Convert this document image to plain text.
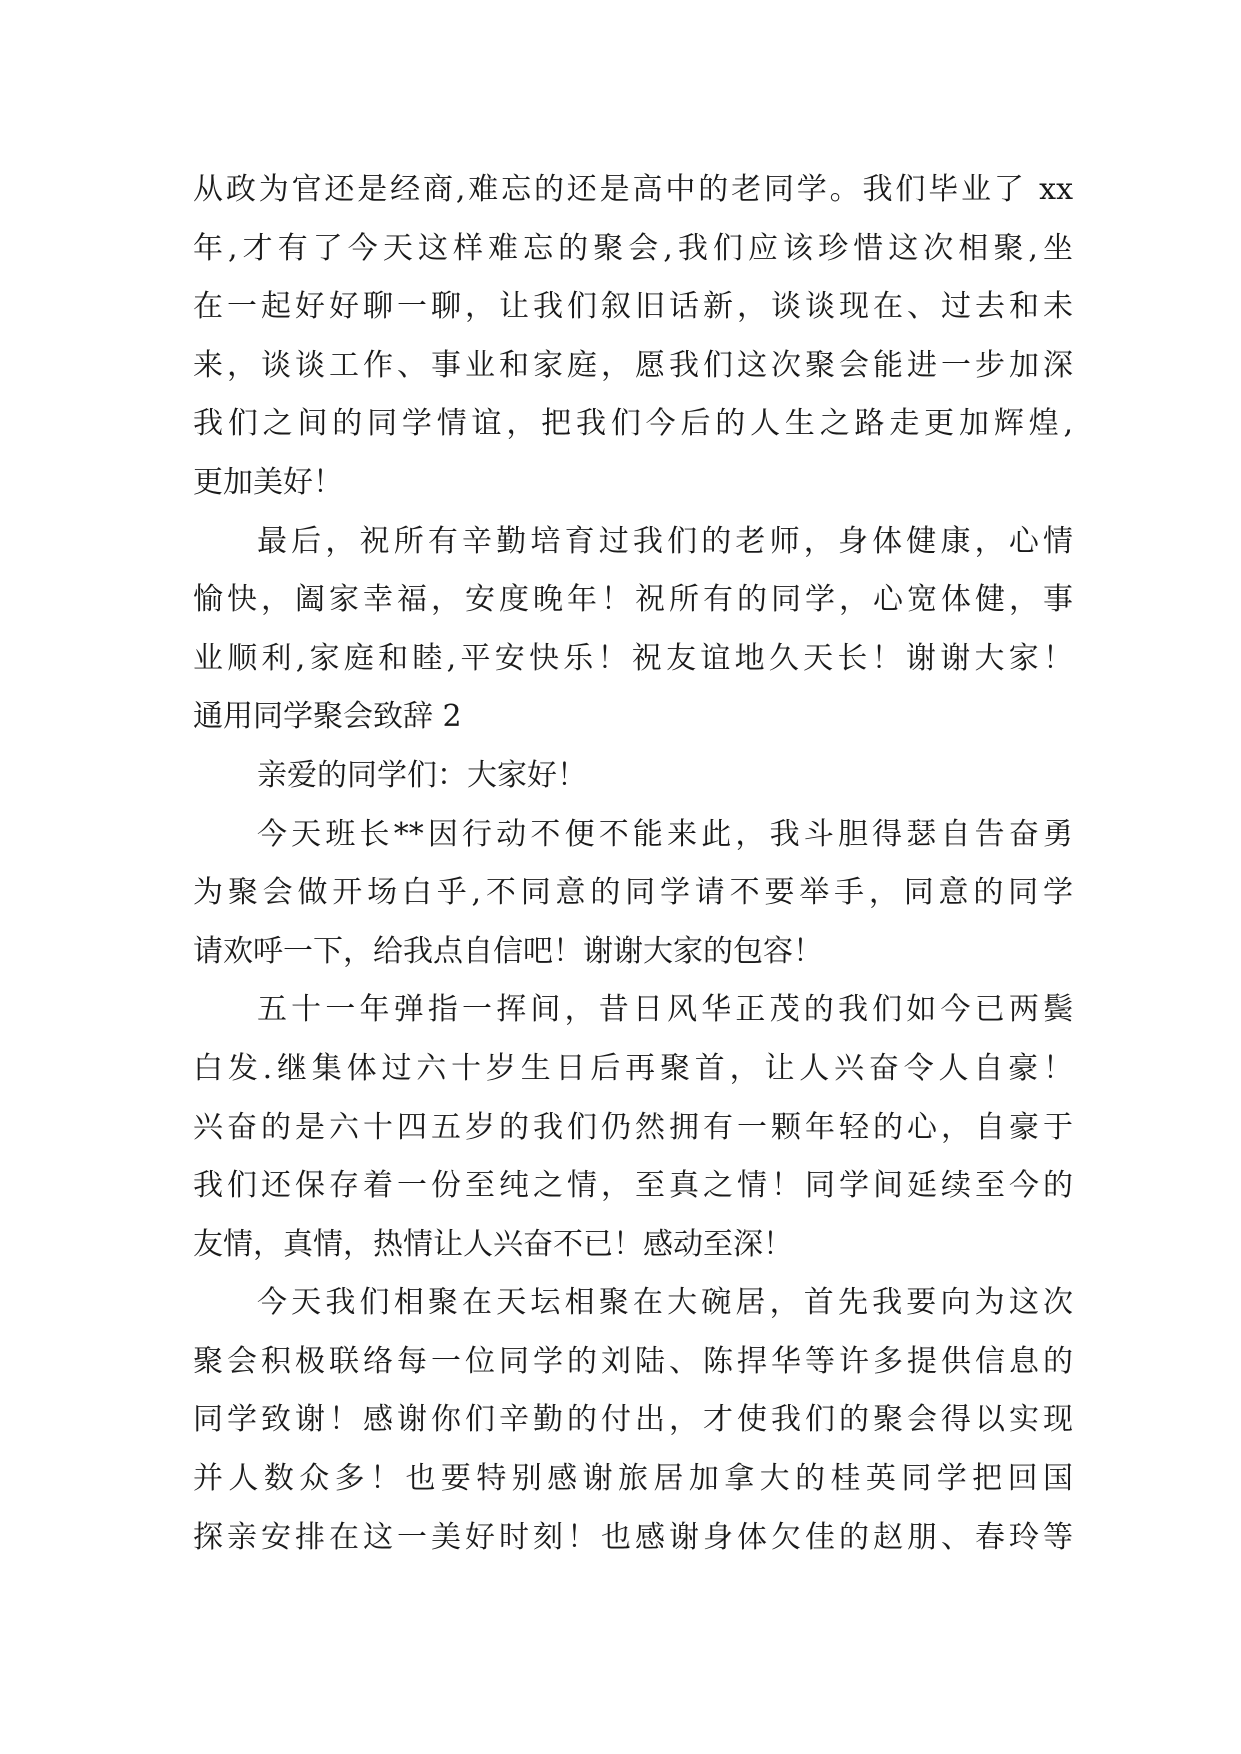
从政为官还是经商,难忘的还是高中的老同学。我们毕业了 xx
年,才有了今天这样难忘的聚会,我们应该珍惜这次相聚,坐
在一起好好聊一聊，让我们叙旧话新，谈谈现在、过去和未
来，谈谈工作、事业和家庭，愿我们这次聚会能进一步加深
我们之间的同学情谊，把我们今后的人生之路走更加辉煌,
更加美好！
最后，祝所有辛勤培育过我们的老师，身体健康，心情
愉快，阖家幸福，安度晚年！祝所有的同学，心宽体健，事
业顺利,家庭和睦,平安快乐！祝友谊地久天长！谢谢大家！
通用同学聚会致辞 2
亲爱的同学们：大家好！
今天班长**因行动不便不能来此，我斗胆得瑟自告奋勇
为聚会做开场白乎,不同意的同学请不要举手，同意的同学
请欢呼一下，给我点自信吧！谢谢大家的包容！
五十一年弹指一挥间，昔日风华正茂的我们如今已两鬓
白发.继集体过六十岁生日后再聚首，让人兴奋令人自豪！
兴奋的是六十四五岁的我们仍然拥有一颗年轻的心，自豪于
我们还保存着一份至纯之情，至真之情！同学间延续至今的
友情，真情，热情让人兴奋不已！感动至深！
今天我们相聚在天坛相聚在大碗居，首先我要向为这次
聚会积极联络每一位同学的刘陆、陈捍华等许多提供信息的
同学致谢！感谢你们辛勤的付出，才使我们的聚会得以实现
并人数众多！也要特别感谢旅居加拿大的桂英同学把回国
探亲安排在这一美好时刻！也感谢身体欠佳的赵朋、春玲等
